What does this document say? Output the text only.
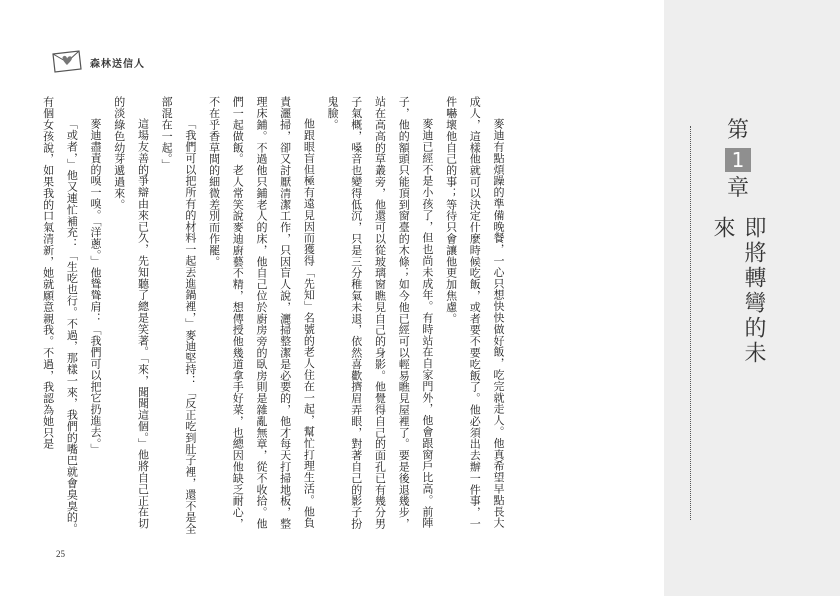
森林送信人

麥迪有點煩躁的準備晚餐，一心只想快快做好飯，吃完就走人。他真希望早點長大成人，這樣他就可以決定什麼時候吃飯，或者要不要吃飯了。他必須出去辦一件事，一件嚇壞他自己的事；等待只會讓他更加焦慮。

麥迪已經不是小孩了，但也尚未成年。有時站在自家門外，他會跟窗戶比高。前陣子，他的額頭只能頂到窗臺的木條；如今他已經可以輕易瞧見屋裡了。要是後退幾步，站在高高的草叢旁，他還可以從玻璃窗瞧見自己的身影。他覺得自己的面孔已有幾分男子氣概，嗓音也變得低沉，只是三分稚氣未退，依然喜歡擠眉弄眼，對著自己的影子扮鬼臉。

他跟眼盲但極有遠見因而獲得「先知」名號的老人住在一起，幫忙打理生活。他負責灑掃，卻又討厭清潔工作，只因盲人說，灑掃整潔是必要的，他才每天打掃地板，整理床鋪。不過他只鋪老人的床，他自己位於廚房旁的臥房則是雜亂無章，從不收拾。他們一起做飯。老人常笑說麥迪廚藝不精，想傳授他幾道拿手好菜，也總因他缺乏耐心，不在乎香草間的細微差別而作罷。

「我們可以把所有的材料一起丟進鍋裡，」麥迪堅持：「反正吃到肚子裡，還不是全部混在一起。」

這場友善的爭辯由來已久，先知聽了總是笑著。「來，聞聞這個。」他將自己正在切的淡綠色幼芽遞過來。

麥迪盡責的嗅一嗅。「洋蔥。」他聳聳肩：「我們可以把它扔進去。」

「或者，」他又連忙補充：「生吃也行。不過，那樣一來，我們的嘴巴就會臭臭的。有個女孩說，如果我的口氣清新，她就願意親我。不過，我認為她只是

25
第
1
章
即將轉彎的未來
